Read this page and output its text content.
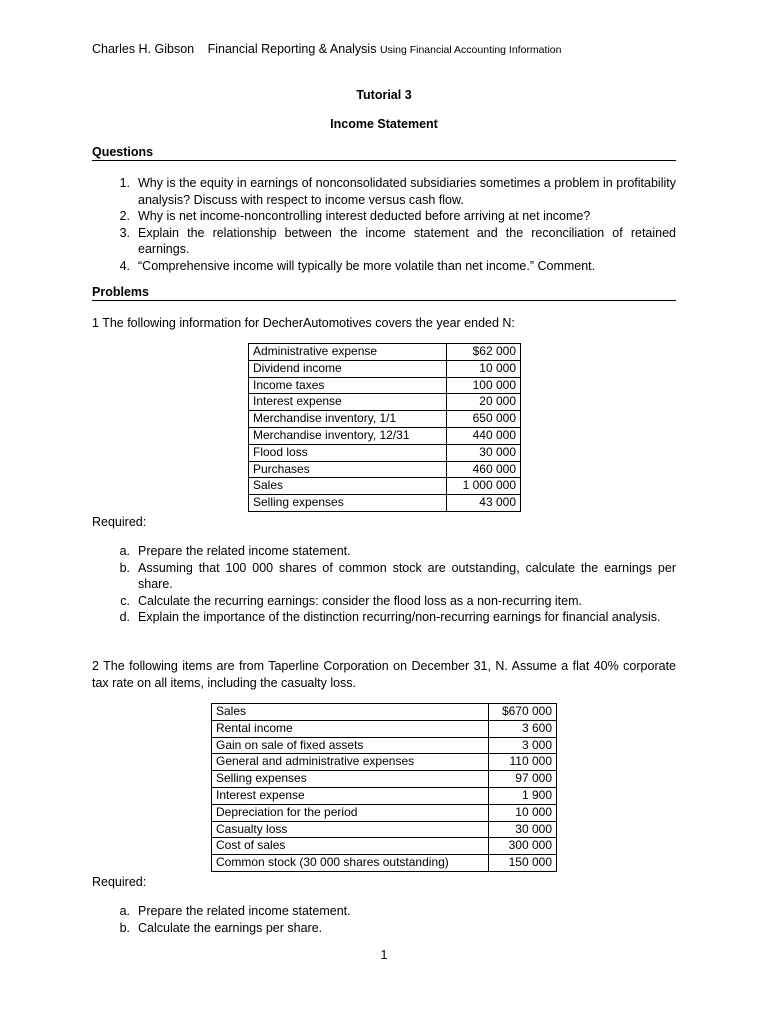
Charles H. Gibson Financial Reporting & Analysis Using Financial Accounting Information
Tutorial 3
Income Statement
Questions
1. Why is the equity in earnings of nonconsolidated subsidiaries sometimes a problem in profitability analysis? Discuss with respect to income versus cash flow.
2. Why is net income-noncontrolling interest deducted before arriving at net income?
3. Explain the relationship between the income statement and the reconciliation of retained earnings.
4. “Comprehensive income will typically be more volatile than net income.” Comment.
Problems
1 The following information for DecherAutomotives covers the year ended N:
Administrative expense	$62 000
Dividend income	10 000
Income taxes	100 000
Interest expense	20 000
Merchandise inventory, 1/1	650 000
Merchandise inventory, 12/31	440 000
Flood loss	30 000
Purchases	460 000
Sales	1 000 000
Selling expenses	43 000
Required:
a. Prepare the related income statement.
b. Assuming that 100 000 shares of common stock are outstanding, calculate the earnings per share.
c. Calculate the recurring earnings: consider the flood loss as a non-recurring item.
d. Explain the importance of the distinction recurring/non-recurring earnings for financial analysis.
2 The following items are from Taperline Corporation on December 31, N. Assume a flat 40% corporate tax rate on all items, including the casualty loss.
Sales	$670 000
Rental income	3 600
Gain on sale of fixed assets	3 000
General and administrative expenses	110 000
Selling expenses	97 000
Interest expense	1 900
Depreciation for the period	10 000
Casualty loss	30 000
Cost of sales	300 000
Common stock (30 000 shares outstanding)	150 000
Required:
a. Prepare the related income statement.
b. Calculate the earnings per share.
1
